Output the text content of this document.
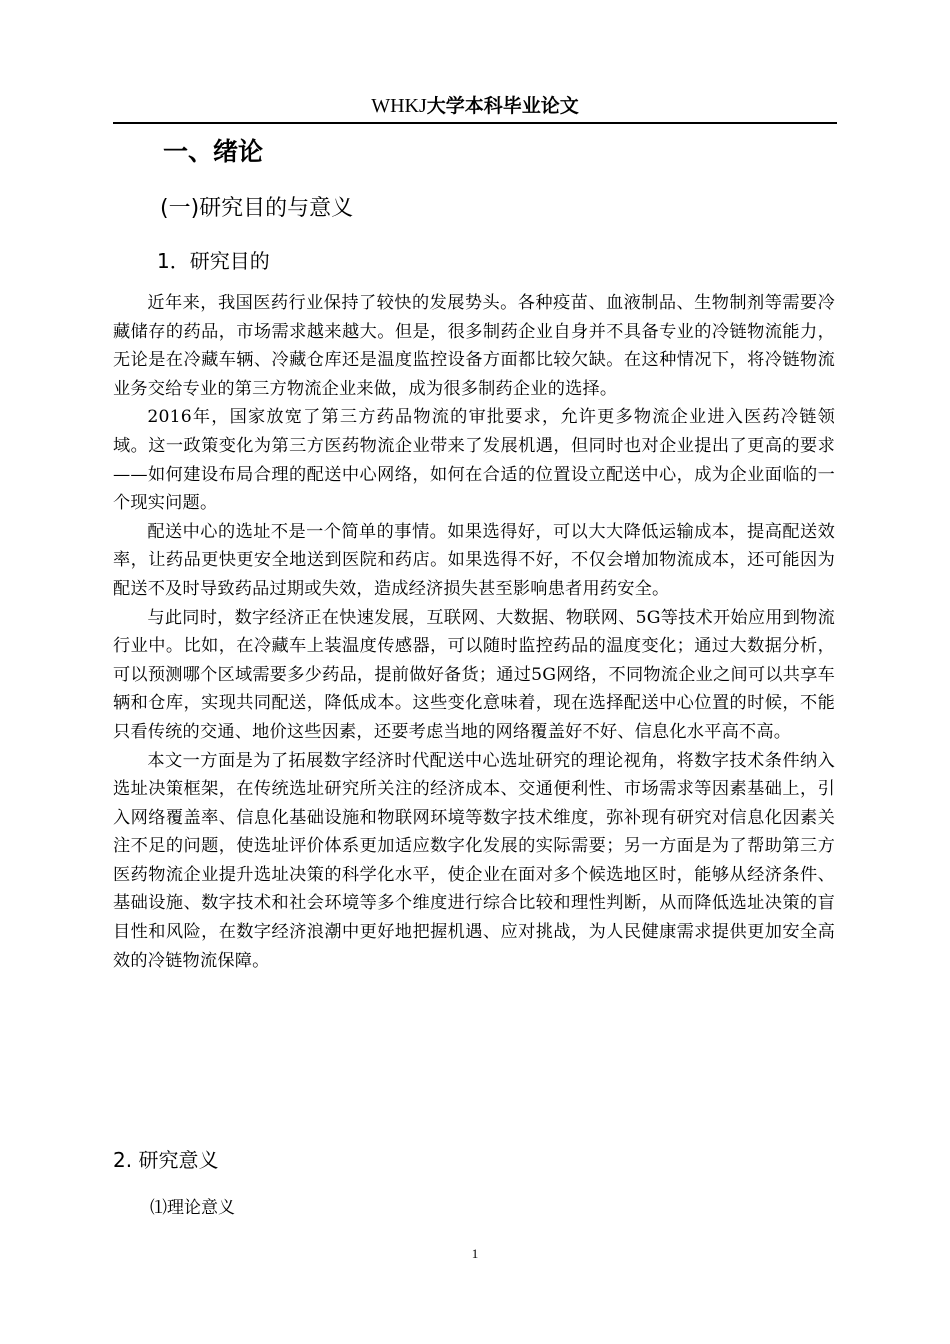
WHKJ大学本科毕业论文
一、绪论
(一)研究目的与意义
1．研究目的

近年来，我国医药行业保持了较快的发展势头。各种疫苗、血液制品、生物制剂等需要冷藏储存的药品，市场需求越来越大。但是，很多制药企业自身并不具备专业的冷链物流能力，无论是在冷藏车辆、冷藏仓库还是温度监控设备方面都比较欠缺。在这种情况下，将冷链物流业务交给专业的第三方物流企业来做，成为很多制药企业的选择。

2016年，国家放宽了第三方药品物流的审批要求，允许更多物流企业进入医药冷链领域。这一政策变化为第三方医药物流企业带来了发展机遇，但同时也对企业提出了更高的要求——如何建设布局合理的配送中心网络，如何在合适的位置设立配送中心，成为企业面临的一个现实问题。

配送中心的选址不是一个简单的事情。如果选得好，可以大大降低运输成本，提高配送效率，让药品更快更安全地送到医院和药店。如果选得不好，不仅会增加物流成本，还可能因为配送不及时导致药品过期或失效，造成经济损失甚至影响患者用药安全。

与此同时，数字经济正在快速发展，互联网、大数据、物联网、5G等技术开始应用到物流行业中。比如，在冷藏车上装温度传感器，可以随时监控药品的温度变化；通过大数据分析，可以预测哪个区域需要多少药品，提前做好备货；通过5G网络，不同物流企业之间可以共享车辆和仓库，实现共同配送，降低成本。这些变化意味着，现在选择配送中心位置的时候，不能只看传统的交通、地价这些因素，还要考虑当地的网络覆盖好不好、信息化水平高不高。

本文一方面是为了拓展数字经济时代配送中心选址研究的理论视角，将数字技术条件纳入选址决策框架，在传统选址研究所关注的经济成本、交通便利性、市场需求等因素基础上，引入网络覆盖率、信息化基础设施和物联网环境等数字技术维度，弥补现有研究对信息化因素关注不足的问题，使选址评价体系更加适应数字化发展的实际需要；另一方面是为了帮助第三方医药物流企业提升选址决策的科学化水平，使企业在面对多个候选地区时，能够从经济条件、基础设施、数字技术和社会环境等多个维度进行综合比较和理性判断，从而降低选址决策的盲目性和风险，在数字经济浪潮中更好地把握机遇、应对挑战，为人民健康需求提供更加安全高效的冷链物流保障。

2. 研究意义
⑴理论意义
1
